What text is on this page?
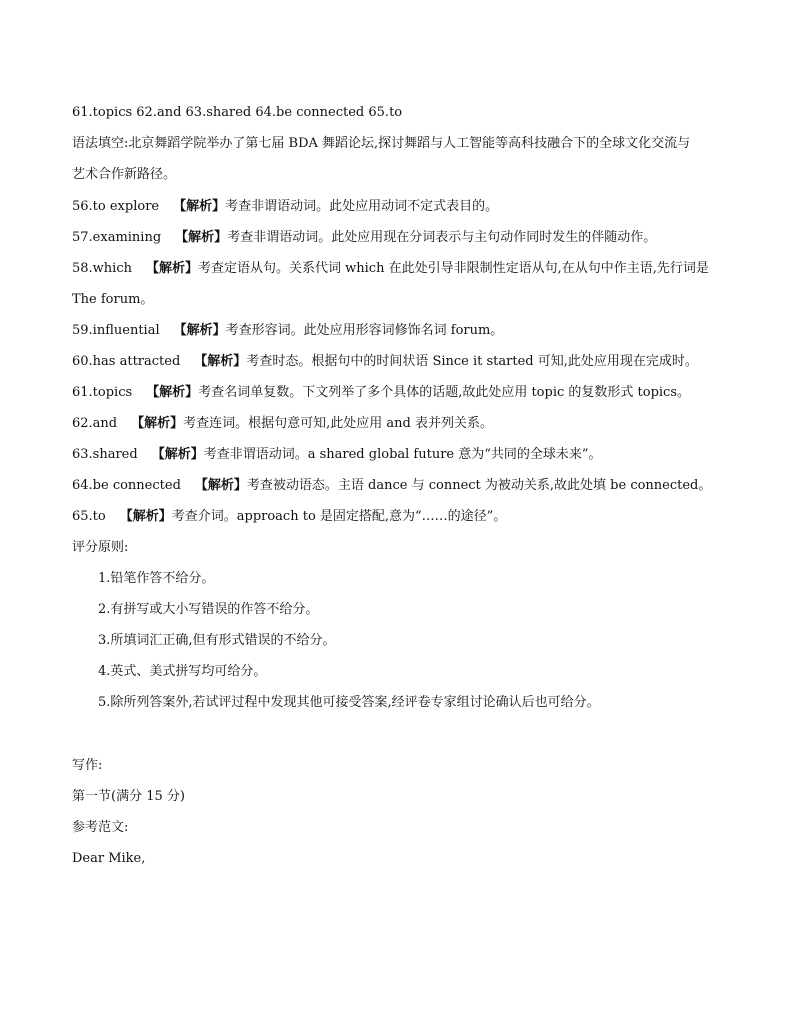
61.topics 62.and 63.shared 64.be connected 65.to
语法填空:北京舞蹈学院举办了第七届 BDA 舞蹈论坛,探讨舞蹈与人工智能等高科技融合下的全球文化交流与
艺术合作新路径。
56.to explore 【解析】考查非谓语动词。此处应用动词不定式表目的。
57.examining 【解析】考查非谓语动词。此处应用现在分词表示与主句动作同时发生的伴随动作。
58.which 【解析】考查定语从句。关系代词 which 在此处引导非限制性定语从句,在从句中作主语,先行词是
The forum。
59.influential 【解析】考查形容词。此处应用形容词修饰名词 forum。
60.has attracted 【解析】考查时态。根据句中的时间状语 Since it started 可知,此处应用现在完成时。
61.topics 【解析】考查名词单复数。下文列举了多个具体的话题,故此处应用 topic 的复数形式 topics。
62.and 【解析】考查连词。根据句意可知,此处应用 and 表并列关系。
63.shared 【解析】考查非谓语动词。a shared global future 意为“共同的全球未来”。
64.be connected 【解析】考查被动语态。主语 dance 与 connect 为被动关系,故此处填 be connected。
65.to 【解析】考查介词。approach to 是固定搭配,意为“……的途径”。
评分原则:
1.铅笔作答不给分。
2.有拼写或大小写错误的作答不给分。
3.所填词汇正确,但有形式错误的不给分。
4.英式、美式拼写均可给分。
5.除所列答案外,若试评过程中发现其他可接受答案,经评卷专家组讨论确认后也可给分。
写作:
第一节(满分 15 分)
参考范文:
Dear Mike,
